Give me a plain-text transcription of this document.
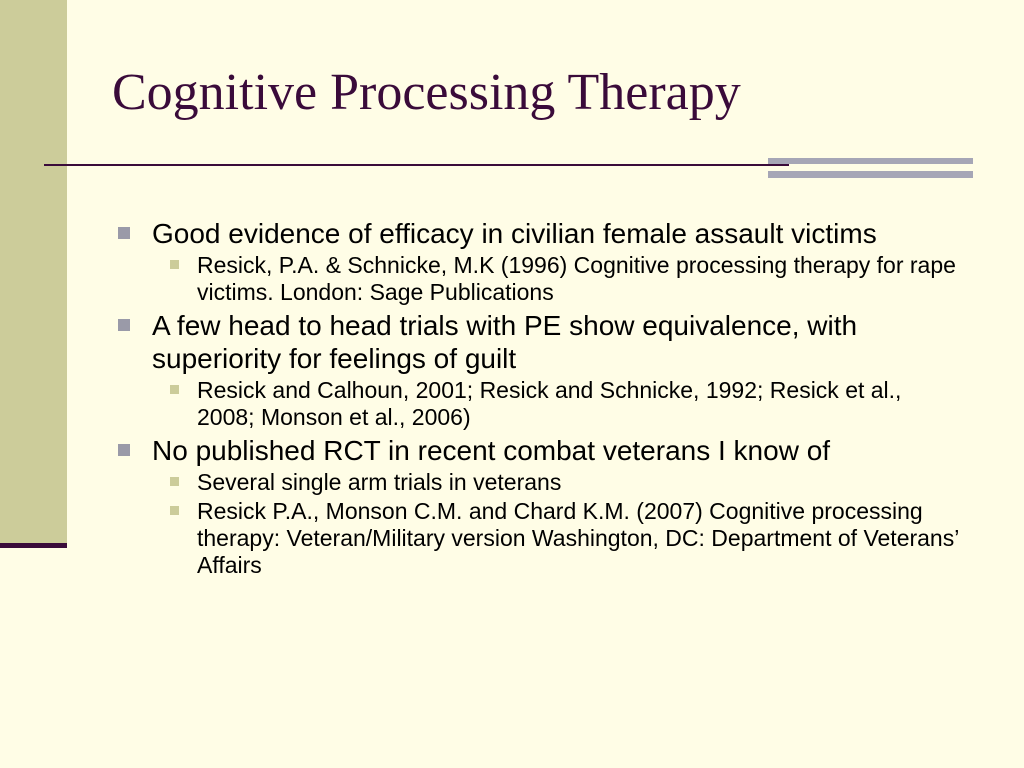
Cognitive Processing Therapy
Good evidence of efficacy in civilian female assault victims
Resick, P.A. & Schnicke, M.K (1996) Cognitive processing therapy for rape victims. London: Sage Publications
A few head to head trials with PE show equivalence, with superiority for feelings of guilt
Resick and Calhoun, 2001; Resick and Schnicke, 1992; Resick et al., 2008; Monson et al., 2006)
No published RCT in recent combat veterans I know of
Several single arm trials in veterans
Resick P.A., Monson C.M. and Chard K.M. (2007) Cognitive processing therapy: Veteran/Military version Washington, DC: Department of Veterans’ Affairs
